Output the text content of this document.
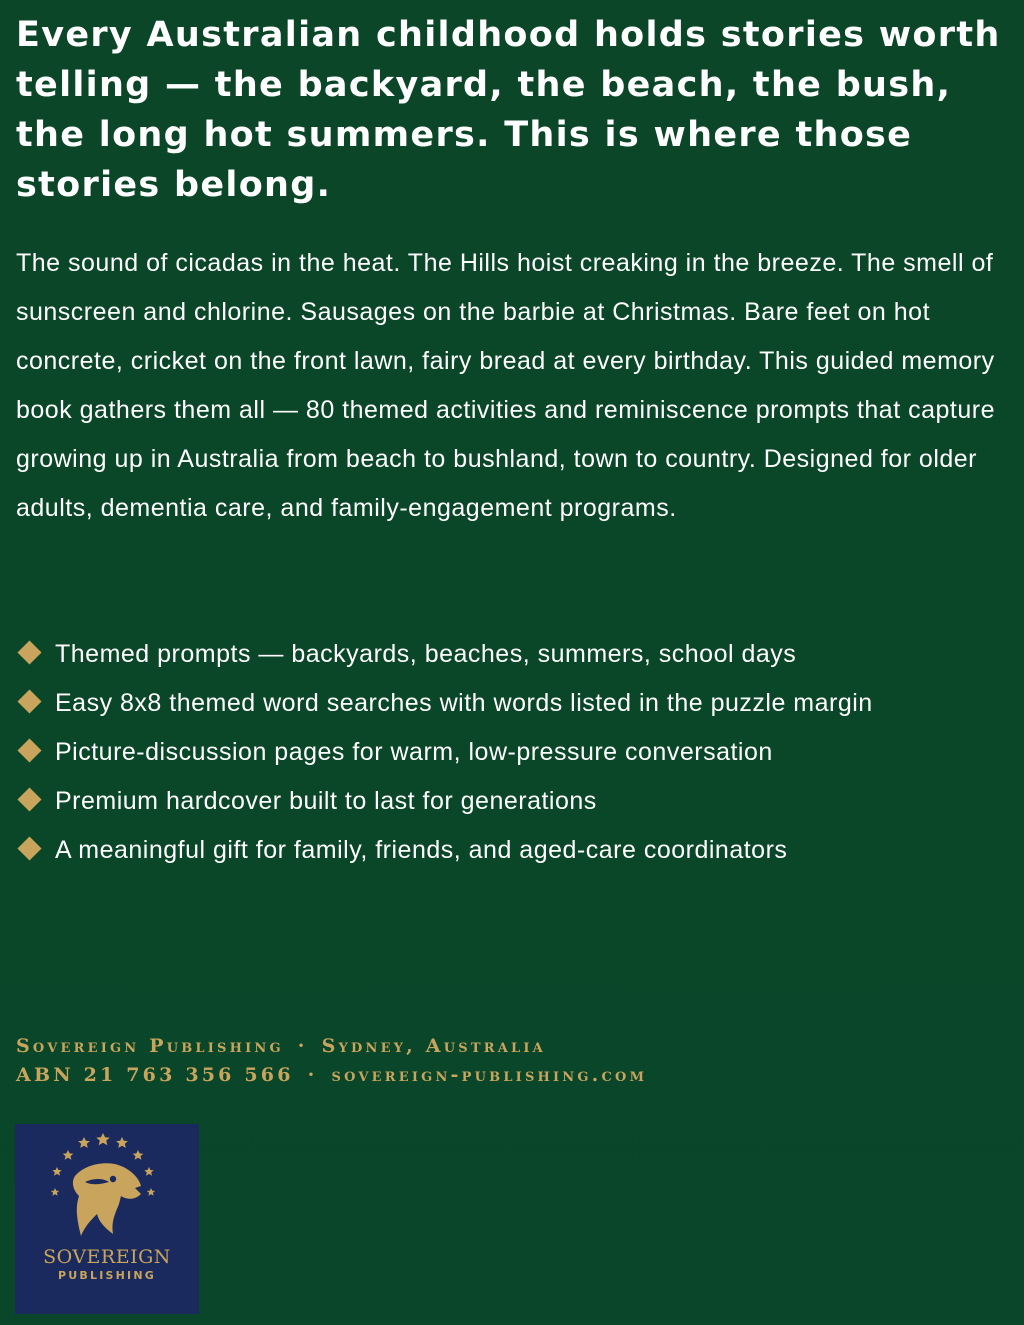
Every Australian childhood holds stories worth telling — the backyard, the beach, the bush, the long hot summers. This is where those stories belong.

The sound of cicadas in the heat. The Hills hoist creaking in the breeze. The smell of sunscreen and chlorine. Sausages on the barbie at Christmas. Bare feet on hot concrete, cricket on the front lawn, fairy bread at every birthday. This guided memory book gathers them all — 80 themed activities and reminiscence prompts that capture growing up in Australia from beach to bushland, town to country. Designed for older adults, dementia care, and family-engagement programs.

Themed prompts — backyards, beaches, summers, school days
Easy 8x8 themed word searches with words listed in the puzzle margin
Picture-discussion pages for warm, low-pressure conversation
Premium hardcover built to last for generations
A meaningful gift for family, friends, and aged-care coordinators
Sovereign Publishing · Sydney, Australia
ABN 21 763 356 566 · sovereign-publishing.com
SOVEREIGN
PUBLISHING
